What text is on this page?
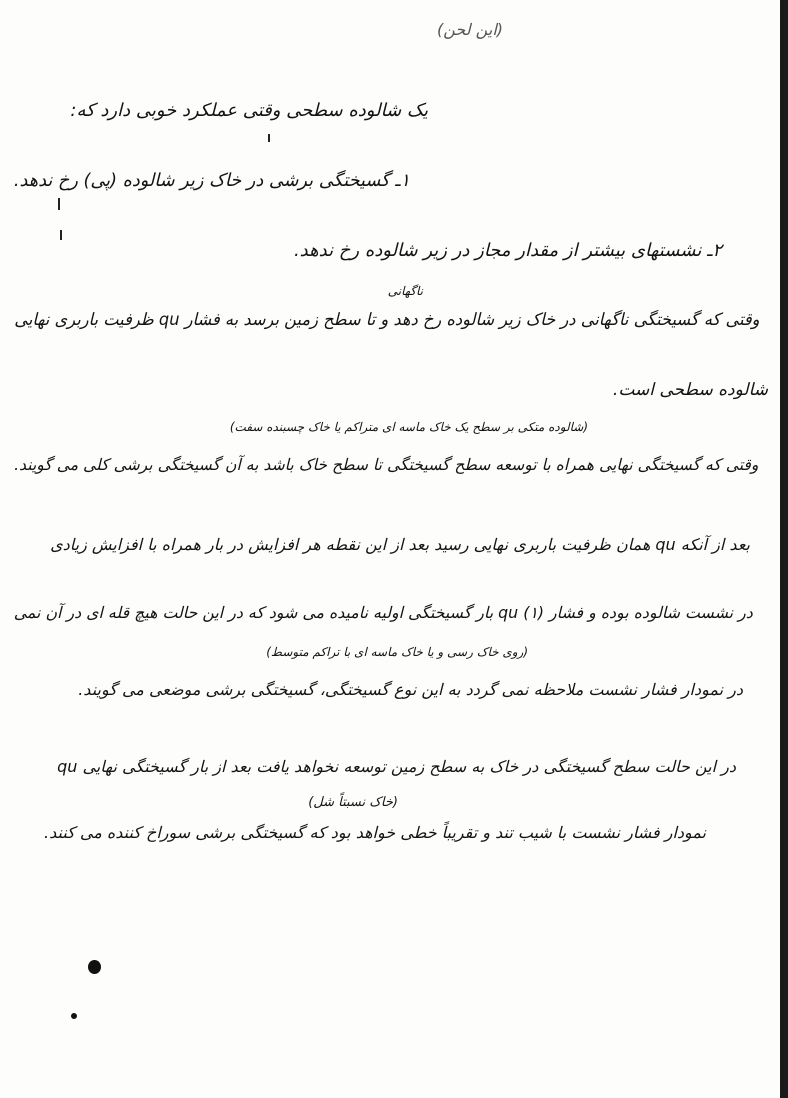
(این لحن)
یک شالوده سطحی وقتی عملکرد خوبی دارد که:
۱ـ گسیختگی برشی در خاک زیر شالوده (پی) رخ ندهد.
۲ـ نشستهای بیشتر از مقدار مجاز در زیر شالوده رخ ندهد.
ناگهانی
وقتی که گسیختگی ناگهانی در خاک زیر شالوده رخ دهد و تا سطح زمین برسد به فشار qu ظرفیت باربری نهایی
شالوده سطحی است.
(شالوده متکی بر سطح یک خاک ماسه ای متراکم یا خاک چسبنده سفت)
وقتی که گسیختگی نهایی همراه با توسعه سطح گسیختگی تا سطح خاک باشد به آن گسیختگی برشی کلی می گویند.
بعد از آنکه qu همان ظرفیت باربری نهایی رسید بعد از این نقطه هر افزایش در بار همراه با افزایش زیادی
در نشست شالوده بوده و فشار (۱) qu بار گسیختگی اولیه نامیده می شود که در این حالت هیچ قله ای در آن نمی
(روی خاک رسی و یا خاک ماسه ای با تراکم متوسط)
در نمودار فشار نشست ملاحظه نمی گردد به این نوع گسیختگی، گسیختگی برشی موضعی می گویند.
در این حالت سطح گسیختگی در خاک به سطح زمین توسعه نخواهد یافت بعد از بار گسیختگی نهایی qu
(خاک نسبتاً شل)
نمودار فشار نشست با شیب تند و تقریباً خطی خواهد بود که گسیختگی برشی سوراخ کننده می کنند.
